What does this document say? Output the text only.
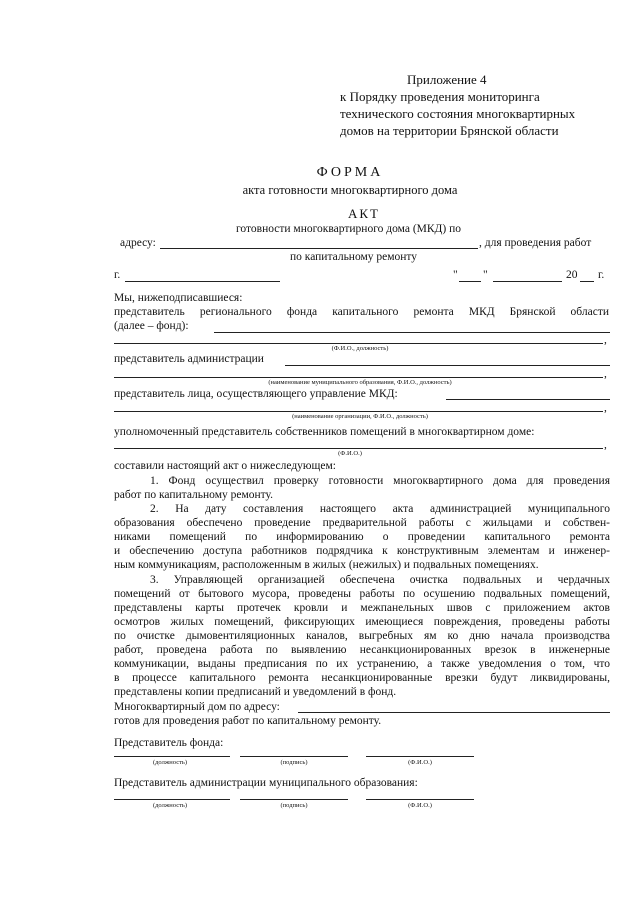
Приложение 4
к Порядку проведения мониторинга
технического состояния многоквартирных
домов на территории Брянской области
ФОРМА
акта готовности многоквартирного дома
АКТ
готовности многоквартирного дома (МКД) по
адресу:	, для проведения работ
по капитальному ремонту
г.	" "	20 г.
Мы, нижеподписавшиеся:
представитель регионального фонда капитального ремонта МКД Брянской области
(далее – фонд):
,
(Ф.И.О., должность)
представитель администрации
,
(наименование муниципального образования, Ф.И.О., должность)
представитель лица, осуществляющего управление МКД:
,
(наименование организации, Ф.И.О., должность)
уполномоченный представитель собственников помещений в многоквартирном доме:
,
(Ф.И.О.)
составили настоящий акт о нижеследующем:
1. Фонд осуществил проверку готовности многоквартирного дома для проведения
работ по капитальному ремонту.
2. На дату составления настоящего акта администрацией муниципального
образования обеспечено проведение предварительной работы с жильцами и собствен-
никами помещений по информированию о проведении капитального ремонта
и обеспечению доступа работников подрядчика к конструктивным элементам и инженер-
ным коммуникациям, расположенным в жилых (нежилых) и подвальных помещениях.
3. Управляющей организацией обеспечена очистка подвальных и чердачных
помещений от бытового мусора, проведены работы по осушению подвальных помещений,
представлены карты протечек кровли и межпанельных швов с приложением актов
осмотров жилых помещений, фиксирующих имеющиеся повреждения, проведены работы
по очистке дымовентиляционных каналов, выгребных ям ко дню начала производства
работ, проведена работа по выявлению несанкционированных врезок в инженерные
коммуникации, выданы предписания по их устранению, а также уведомления о том, что
в процессе капитального ремонта несанкционированные врезки будут ликвидированы,
представлены копии предписаний и уведомлений в фонд.
Многоквартирный дом по адресу:
готов для проведения работ по капитальному ремонту.
Представитель фонда:
(должность)	(подпись)	(Ф.И.О.)
Представитель администрации муниципального образования:
(должность)	(подпись)	(Ф.И.О.)
